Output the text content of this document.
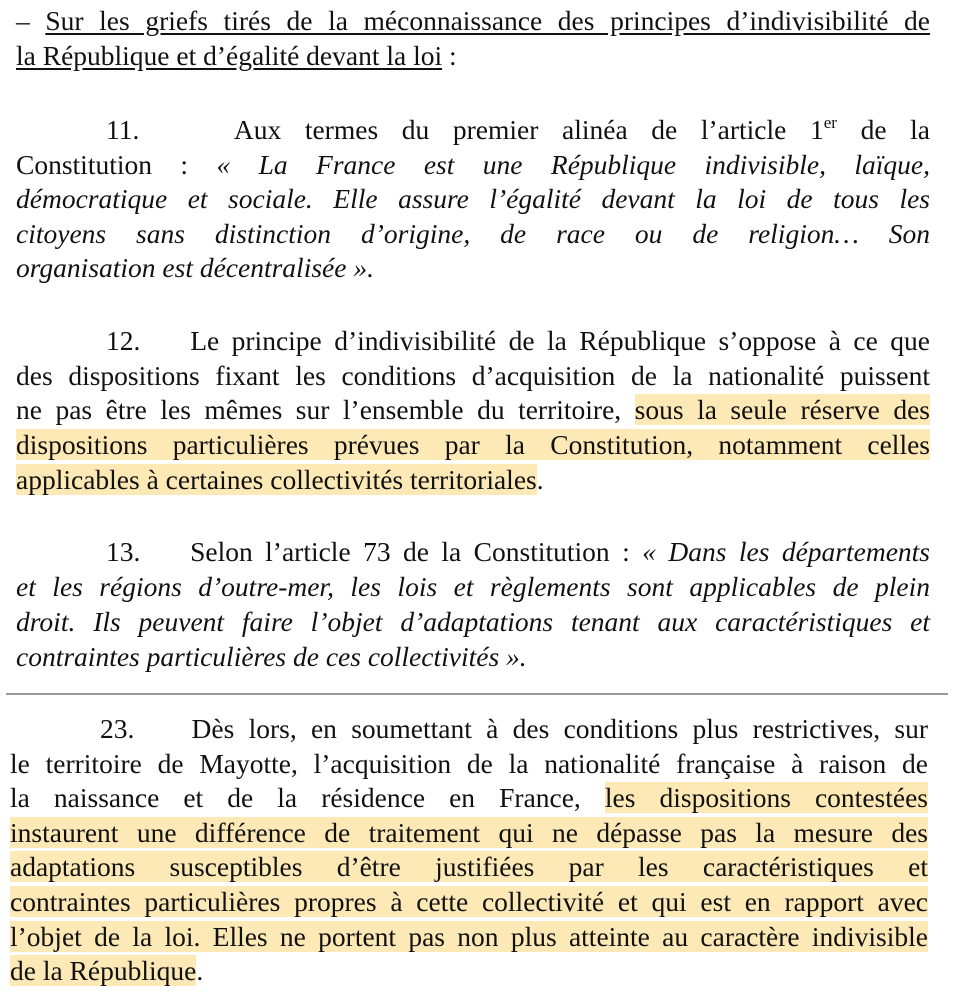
– Sur les griefs tirés de la méconnaissance des principes d’indivisibilité de
la République et d’égalité devant la loi :
11.	Aux termes du premier alinéa de l’article 1er de la
Constitution : « La France est une République indivisible, laïque,
démocratique et sociale. Elle assure l’égalité devant la loi de tous les
citoyens sans distinction d’origine, de race ou de religion… Son
organisation est décentralisée ».
12. Le principe d’indivisibilité de la République s’oppose à ce que
des dispositions fixant les conditions d’acquisition de la nationalité puissent
ne pas être les mêmes sur l’ensemble du territoire, sous la seule réserve des
dispositions particulières prévues par la Constitution, notamment celles
applicables à certaines collectivités territoriales.
13. Selon l’article 73 de la Constitution : « Dans les départements
et les régions d’outre-mer, les lois et règlements sont applicables de plein
droit. Ils peuvent faire l’objet d’adaptations tenant aux caractéristiques et
contraintes particulières de ces collectivités ».
23. Dès lors, en soumettant à des conditions plus restrictives, sur
le territoire de Mayotte, l’acquisition de la nationalité française à raison de
la naissance et de la résidence en France, les dispositions contestées
instaurent une différence de traitement qui ne dépasse pas la mesure des
adaptations susceptibles d’être justifiées par les caractéristiques et
contraintes particulières propres à cette collectivité et qui est en rapport avec
l’objet de la loi. Elles ne portent pas non plus atteinte au caractère indivisible
de la République.
